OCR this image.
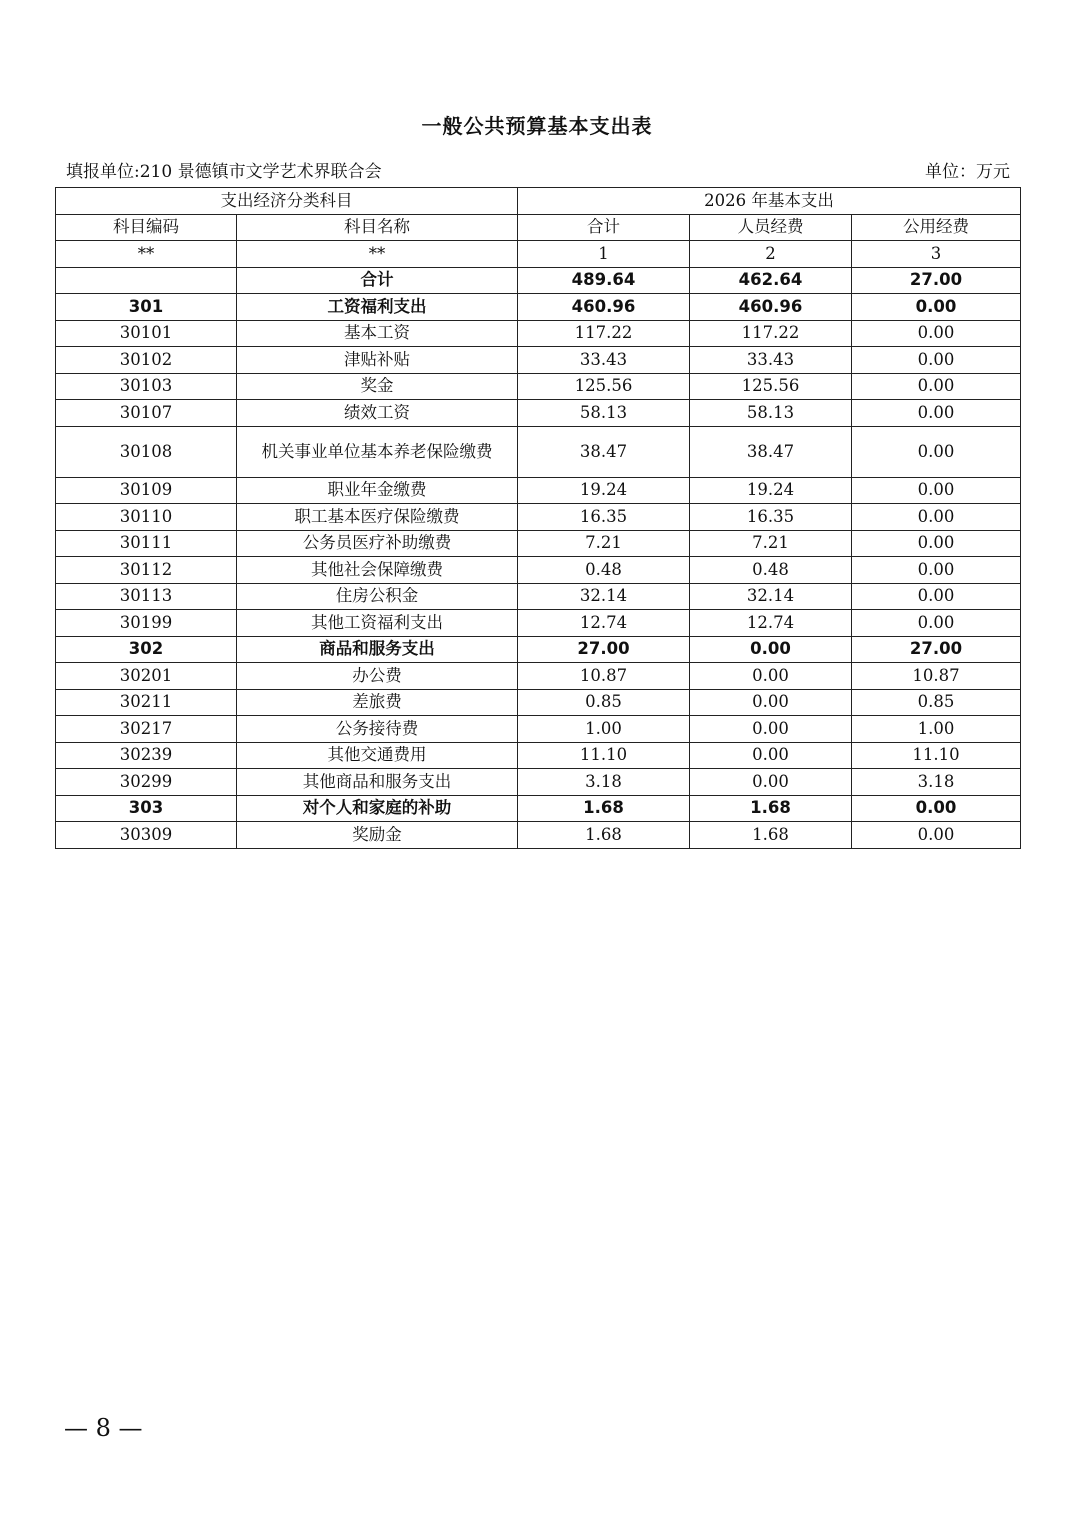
一般公共预算基本支出表
填报单位:210 景德镇市文学艺术界联合会	单位：万元
支出经济分类科目		2026 年基本支出		
科目编码	科目名称	合计	人员经费	公用经费
**	**	1	2	3
	合计	489.64	462.64	27.00
301	工资福利支出	460.96	460.96	0.00
30101	基本工资	117.22	117.22	0.00
30102	津贴补贴	33.43	33.43	0.00
30103	奖金	125.56	125.56	0.00
30107	绩效工资	58.13	58.13	0.00
30108	机关事业单位基本养老保险缴费	38.47	38.47	0.00
30109	职业年金缴费	19.24	19.24	0.00
30110	职工基本医疗保险缴费	16.35	16.35	0.00
30111	公务员医疗补助缴费	7.21	7.21	0.00
30112	其他社会保障缴费	0.48	0.48	0.00
30113	住房公积金	32.14	32.14	0.00
30199	其他工资福利支出	12.74	12.74	0.00
302	商品和服务支出	27.00	0.00	27.00
30201	办公费	10.87	0.00	10.87
30211	差旅费	0.85	0.00	0.85
30217	公务接待费	1.00	0.00	1.00
30239	其他交通费用	11.10	0.00	11.10
30299	其他商品和服务支出	3.18	0.00	3.18
303	对个人和家庭的补助	1.68	1.68	0.00
30309	奖励金	1.68	1.68	0.00
— 8 —
